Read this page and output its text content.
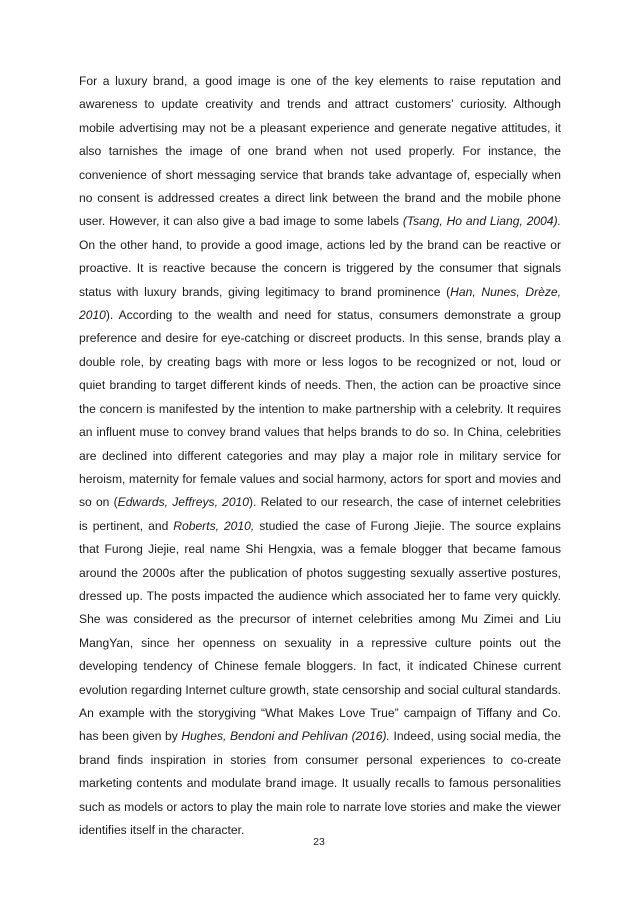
For a luxury brand, a good image is one of the key elements to raise reputation and awareness to update creativity and trends and attract customers’ curiosity. Although mobile advertising may not be a pleasant experience and generate negative attitudes, it also tarnishes the image of one brand when not used properly. For instance, the convenience of short messaging service that brands take advantage of, especially when no consent is addressed creates a direct link between the brand and the mobile phone user. However, it can also give a bad image to some labels (Tsang, Ho and Liang, 2004). On the other hand, to provide a good image, actions led by the brand can be reactive or proactive. It is reactive because the concern is triggered by the consumer that signals status with luxury brands, giving legitimacy to brand prominence (Han, Nunes, Drèze, 2010). According to the wealth and need for status, consumers demonstrate a group preference and desire for eye-catching or discreet products. In this sense, brands play a double role, by creating bags with more or less logos to be recognized or not, loud or quiet branding to target different kinds of needs. Then, the action can be proactive since the concern is manifested by the intention to make partnership with a celebrity. It requires an influent muse to convey brand values that helps brands to do so. In China, celebrities are declined into different categories and may play a major role in military service for heroism, maternity for female values and social harmony, actors for sport and movies and so on (Edwards, Jeffreys, 2010). Related to our research, the case of internet celebrities is pertinent, and Roberts, 2010, studied the case of Furong Jiejie. The source explains that Furong Jiejie, real name Shi Hengxia, was a female blogger that became famous around the 2000s after the publication of photos suggesting sexually assertive postures, dressed up. The posts impacted the audience which associated her to fame very quickly. She was considered as the precursor of internet celebrities among Mu Zimei and Liu MangYan, since her openness on sexuality in a repressive culture points out the developing tendency of Chinese female bloggers. In fact, it indicated Chinese current evolution regarding Internet culture growth, state censorship and social cultural standards. An example with the storygiving “What Makes Love True” campaign of Tiffany and Co. has been given by Hughes, Bendoni and Pehlivan (2016). Indeed, using social media, the brand finds inspiration in stories from consumer personal experiences to co-create marketing contents and modulate brand image. It usually recalls to famous personalities such as models or actors to play the main role to narrate love stories and make the viewer identifies itself in the character.

23
